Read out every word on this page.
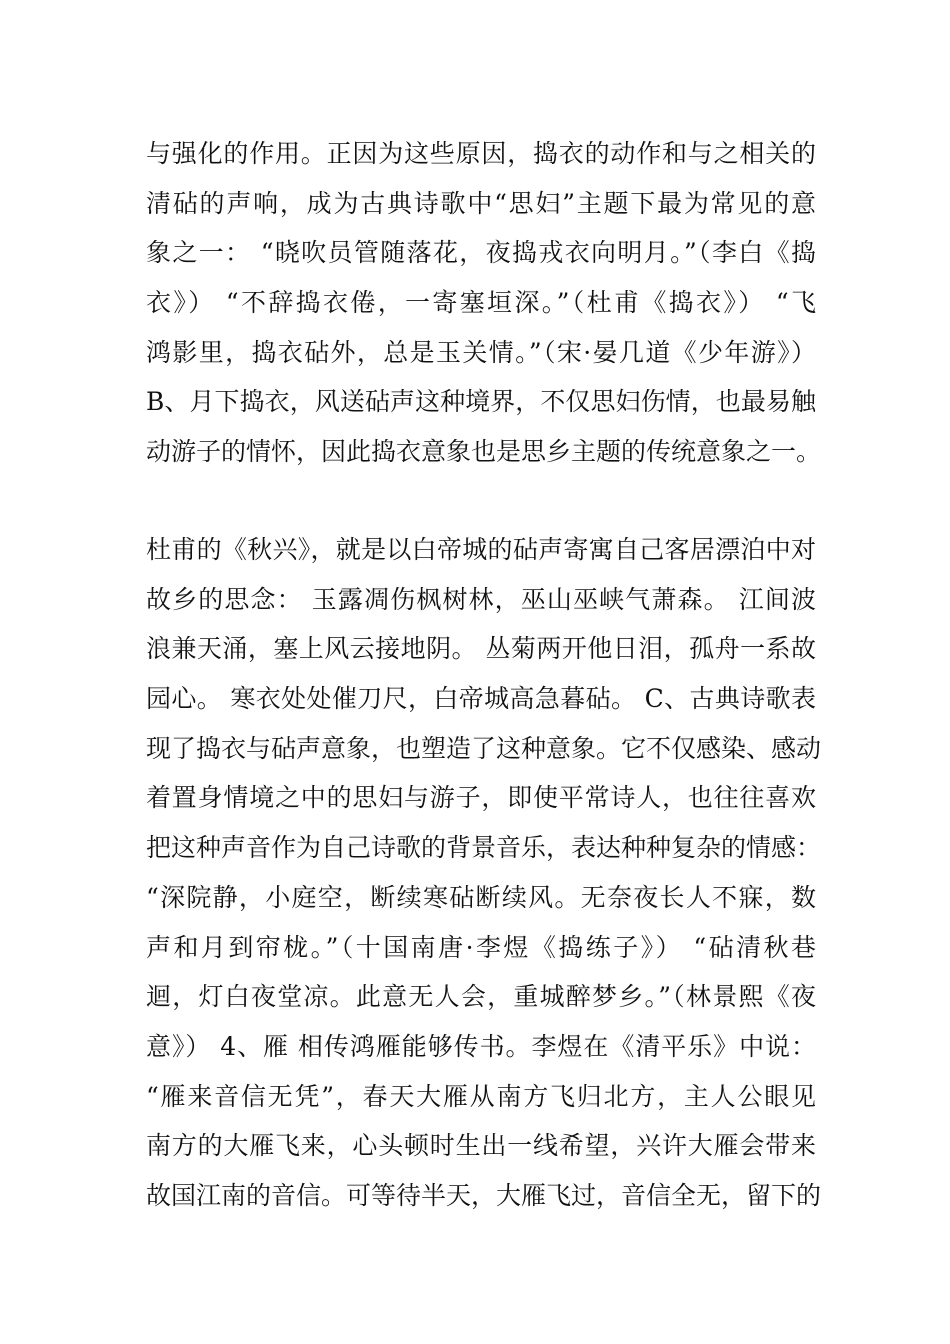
与强化的作用。正因为这些原因，捣衣的动作和与之相关的
清砧的声响，成为古典诗歌中“思妇”主题下最为常见的意
象之一： “晓吹员管随落花，夜捣戎衣向明月。”（李白《捣
衣》） “不辞捣衣倦，一寄塞垣深。”（杜甫《捣衣》） “飞
鸿影里，捣衣砧外，总是玉关情。”（宋·晏几道《少年游》）
B、月下捣衣，风送砧声这种境界，不仅思妇伤情，也最易触
动游子的情怀，因此捣衣意象也是思乡主题的传统意象之一。
杜甫的《秋兴》，就是以白帝城的砧声寄寓自己客居漂泊中对
故乡的思念： 玉露凋伤枫树林，巫山巫峡气萧森。 江间波
浪兼天涌，塞上风云接地阴。 丛菊两开他日泪，孤舟一系故
园心。 寒衣处处催刀尺，白帝城高急暮砧。 C、古典诗歌表
现了捣衣与砧声意象，也塑造了这种意象。它不仅感染、感动
着置身情境之中的思妇与游子，即使平常诗人，也往往喜欢
把这种声音作为自己诗歌的背景音乐，表达种种复杂的情感：
“深院静，小庭空，断续寒砧断续风。无奈夜长人不寐，数
声和月到帘栊。”（十国南唐·李煜《捣练子》） “砧清秋巷
迴，灯白夜堂凉。此意无人会，重城醉梦乡。”（林景熙《夜
意》） 4、雁 相传鸿雁能够传书。李煜在《清平乐》中说：
“雁来音信无凭”，春天大雁从南方飞归北方，主人公眼见
南方的大雁飞来，心头顿时生出一线希望，兴许大雁会带来
故国江南的音信。可等待半天，大雁飞过，音信全无，留下的
